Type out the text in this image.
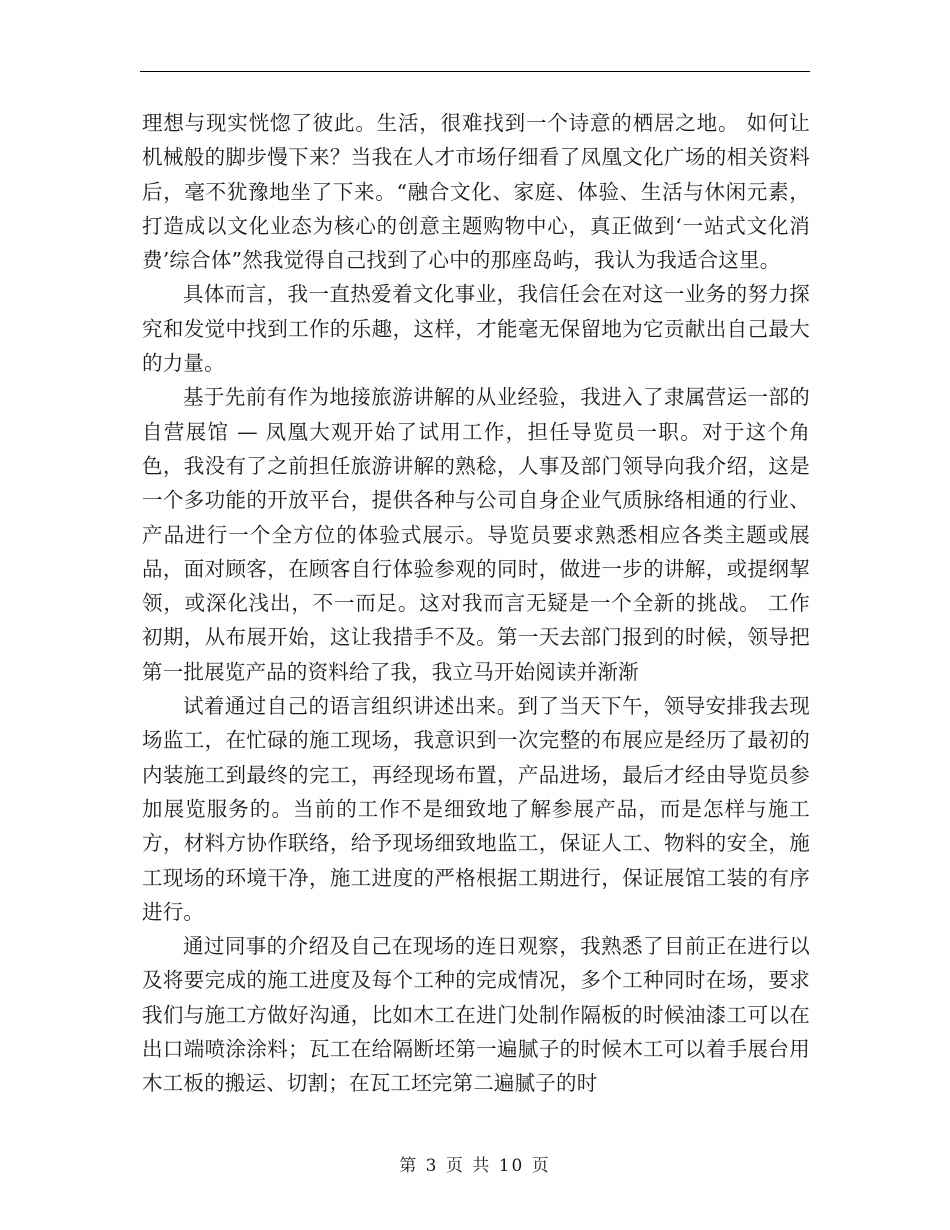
理想与现实恍惚了彼此。生活，很难找到一个诗意的栖居之地。 如何让机械般的脚步慢下来？当我在人才市场仔细看了凤凰文化广场的相关资料后，毫不犹豫地坐了下来。“融合文化、家庭、体验、生活与休闲元素，打造成以文化业态为核心的创意主题购物中心，真正做到‘一站式文化消费’综合体”然我觉得自己找到了心中的那座岛屿，我认为我适合这里。

具体而言，我一直热爱着文化事业，我信任会在对这一业务的努力探究和发觉中找到工作的乐趣，这样，才能毫无保留地为它贡献出自己最大的力量。

基于先前有作为地接旅游讲解的从业经验，我进入了隶属营运一部的自营展馆 — 凤凰大观开始了试用工作，担任导览员一职。对于这个角色，我没有了之前担任旅游讲解的熟稔，人事及部门领导向我介绍，这是一个多功能的开放平台，提供各种与公司自身企业气质脉络相通的行业、产品进行一个全方位的体验式展示。导览员要求熟悉相应各类主题或展品，面对顾客，在顾客自行体验参观的同时，做进一步的讲解，或提纲挈领，或深化浅出，不一而足。这对我而言无疑是一个全新的挑战。 工作初期，从布展开始，这让我措手不及。第一天去部门报到的时候，领导把第一批展览产品的资料给了我，我立马开始阅读并渐渐

试着通过自己的语言组织讲述出来。到了当天下午，领导安排我去现场监工，在忙碌的施工现场，我意识到一次完整的布展应是经历了最初的内装施工到最终的完工，再经现场布置，产品进场，最后才经由导览员参加展览服务的。当前的工作不是细致地了解参展产品，而是怎样与施工方，材料方协作联络，给予现场细致地监工，保证人工、物料的安全，施工现场的环境干净，施工进度的严格根据工期进行，保证展馆工装的有序进行。

通过同事的介绍及自己在现场的连日观察，我熟悉了目前正在进行以及将要完成的施工进度及每个工种的完成情况，多个工种同时在场，要求我们与施工方做好沟通，比如木工在进门处制作隔板的时候油漆工可以在出口端喷涂涂料；瓦工在给隔断坯第一遍腻子的时候木工可以着手展台用木工板的搬运、切割；在瓦工坯完第二遍腻子的时

第 3 页 共 10 页
